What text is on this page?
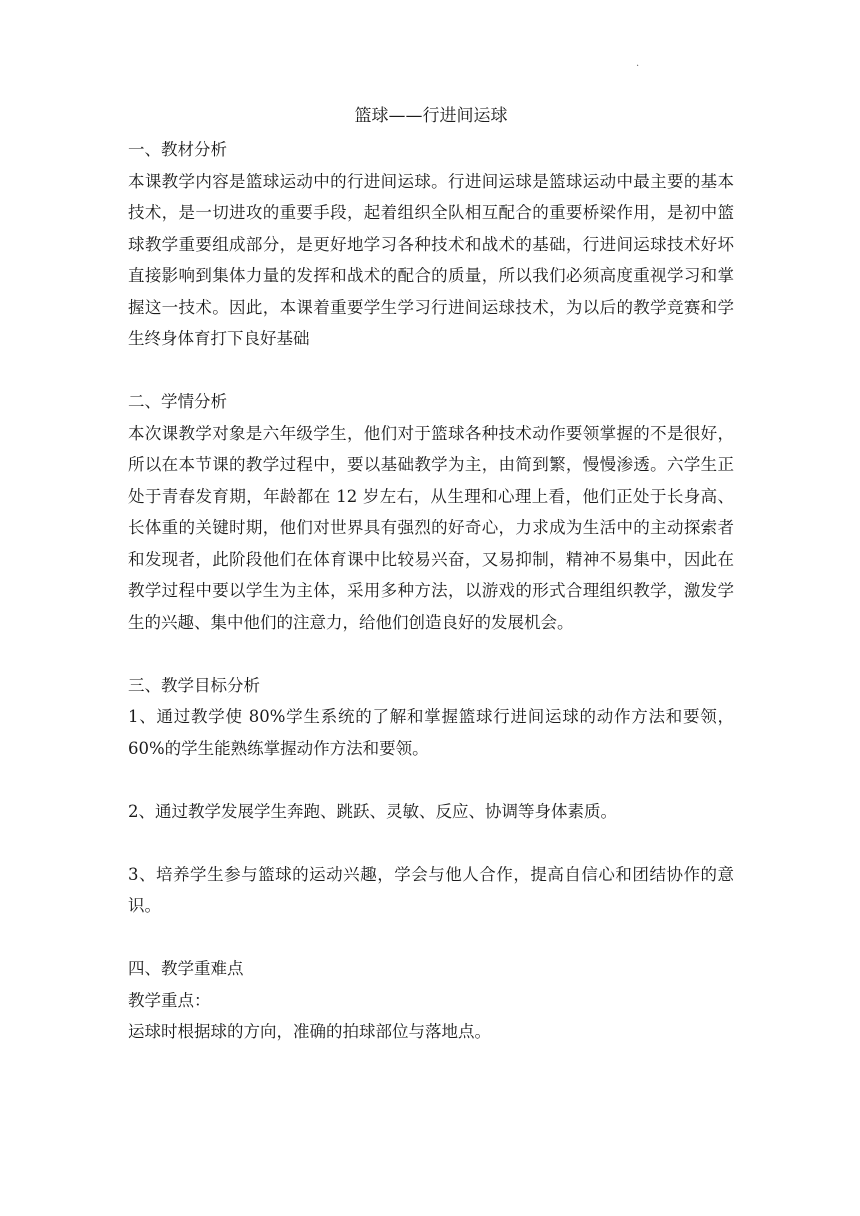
.

篮球——行进间运球

一、教材分析

本课教学内容是篮球运动中的行进间运球。行进间运球是篮球运动中最主要的基本技术，是一切进攻的重要手段，起着组织全队相互配合的重要桥梁作用，是初中篮球教学重要组成部分，是更好地学习各种技术和战术的基础，行进间运球技术好坏直接影响到集体力量的发挥和战术的配合的质量，所以我们必须高度重视学习和掌握这一技术。因此，本课着重要学生学习行进间运球技术，为以后的教学竞赛和学生终身体育打下良好基础

二、学情分析

本次课教学对象是六年级学生，他们对于篮球各种技术动作要领掌握的不是很好，所以在本节课的教学过程中，要以基础教学为主，由简到繁，慢慢渗透。六学生正处于青春发育期，年龄都在 12 岁左右，从生理和心理上看，他们正处于长身高、长体重的关键时期，他们对世界具有强烈的好奇心，力求成为生活中的主动探索者和发现者，此阶段他们在体育课中比较易兴奋，又易抑制，精神不易集中，因此在教学过程中要以学生为主体，采用多种方法，以游戏的形式合理组织教学，激发学生的兴趣、集中他们的注意力，给他们创造良好的发展机会。

三、教学目标分析

1、通过教学使 80%学生系统的了解和掌握篮球行进间运球的动作方法和要领，60%的学生能熟练掌握动作方法和要领。

2、通过教学发展学生奔跑、跳跃、灵敏、反应、协调等身体素质。

3、培养学生参与篮球的运动兴趣，学会与他人合作，提高自信心和团结协作的意识。

四、教学重难点

教学重点：

运球时根据球的方向，准确的拍球部位与落地点。
